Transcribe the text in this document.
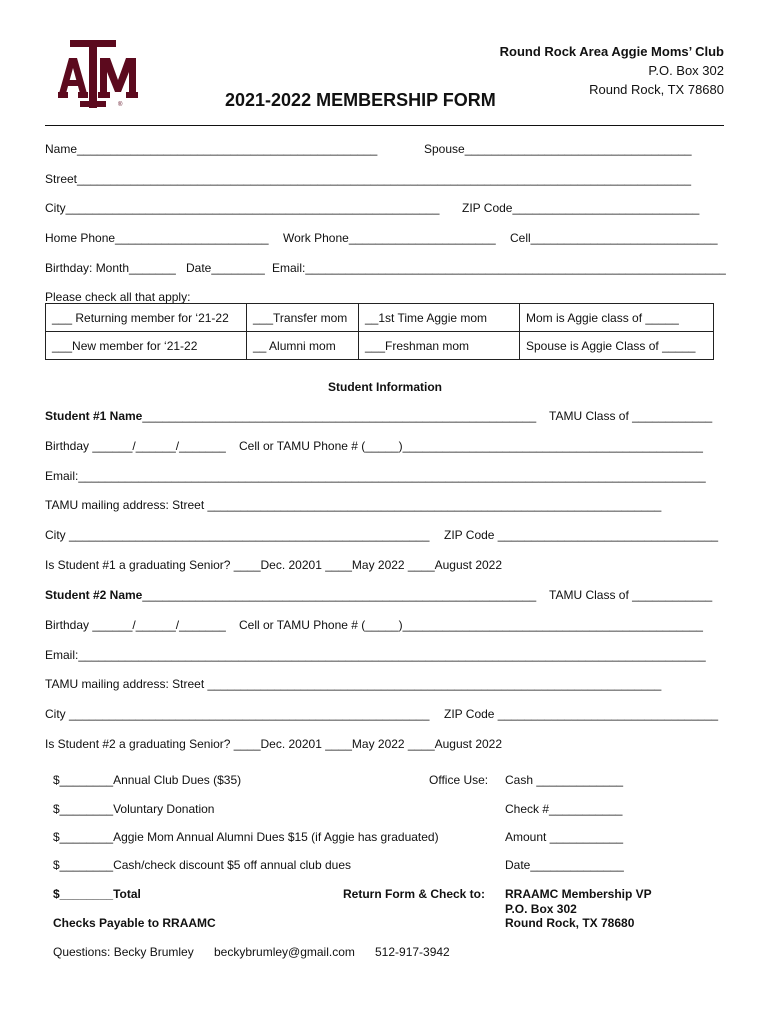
®
Round Rock Area Aggie Moms’ Club
P.O. Box 302
Round Rock, TX 78680
2021-2022 MEMBERSHIP FORM
Name_____________________________________________	Spouse__________________________________
Street____________________________________________________________________________________________
City________________________________________________________ ZIP Code____________________________
Home Phone_______________________ Work Phone______________________ Cell____________________________
Birthday: Month_______ Date________ Email:_______________________________________________________________
Please check all that apply:
___ Returning member for ‘21-22	___Transfer mom	__1st Time Aggie mom	Mom is Aggie class of _____
___New member for ‘21-22	__ Alumni mom	___Freshman mom	Spouse is Aggie Class of _____
Student Information
Student #1 Name___________________________________________________________ TAMU Class of ____________
Birthday ______/______/_______ Cell or TAMU Phone # (_____)_____________________________________________
Email:______________________________________________________________________________________________
TAMU mailing address: Street ____________________________________________________________________
City ______________________________________________________ ZIP Code _________________________________
Is Student #1 a graduating Senior? ____Dec. 20201 ____May 2022 ____August 2022
Student #2 Name___________________________________________________________ TAMU Class of ____________
Birthday ______/______/_______ Cell or TAMU Phone # (_____)_____________________________________________
Email:______________________________________________________________________________________________
TAMU mailing address: Street ____________________________________________________________________
City ______________________________________________________ ZIP Code _________________________________
Is Student #2 a graduating Senior? ____Dec. 20201 ____May 2022 ____August 2022
$________Annual Club Dues ($35)
$________Voluntary Donation
$________Aggie Mom Annual Alumni Dues $15 (if Aggie has graduated)
$________Cash/check discount $5 off annual club dues
$________Total
Office Use: Cash _____________
Check #___________
Amount ___________
Date______________
Return Form & Check to: RRAAMC Membership VP
P.O. Box 302
Round Rock, TX 78680
Checks Payable to RRAAMC
Questions: Becky Brumley beckybrumley@gmail.com 512-917-3942
